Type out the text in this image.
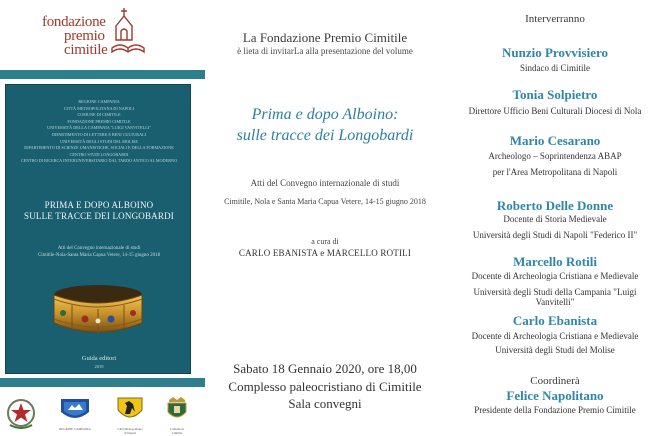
fondazione
premio
cimitile
REGIONE CAMPANIA
CITTÀ METROPOLITANA DI NAPOLI
COMUNE DI CIMITILE
FONDAZIONE PREMIO CIMITILE
UNIVERSITÀ DELLA CAMPANIA "LUIGI VANVITELLI"
DIPARTIMENTO DI LETTERE E BENI CULTURALI
UNIVERSITÀ DEGLI STUDI DEL MOLISE
DIPARTIMENTO DI SCIENZE UMANISTICHE, SOCIALI E DELLA FORMAZIONE
CENTRO STUDI LONGOBARDI
CENTRO DI RICERCA INTERUNIVERSITARIO DAL TARDO ANTICO AL MODERNO
PRIMA E DOPO ALBOINO
SULLE TRACCE DEI LONGOBARDI
Atti del Convegno internazionale di studi
Cimitile-Nola-Santa Maria Capua Vetere, 14-15 giugno 2018
Guida editori
2019
REGIONE CAMPANIA	Città Metropolitana di Napoli
Comune di Cimitile
La Fondazione Premio Cimitile
è lieta di invitarLa alla presentazione del volume
Prima e dopo Alboino:
sulle tracce dei Longobardi
Atti del Convegno internazionale di studi
Cimitile, Nola e Santa Maria Capua Vetere, 14-15 giugno 2018
a cura di
CARLO EBANISTA e MARCELLO ROTILI
Sabato 18 Gennaio 2020, ore 18,00
Complesso paleocristiano di Cimitile
Sala convegni
Interverranno
Nunzio Provvisiero
Sindaco di Cimitile
Tonia Solpietro
Direttore Ufficio Beni Culturali Diocesi di Nola
Mario Cesarano
Archeologo – Soprintendenza ABAP
per l'Area Metropolitana di Napoli
Roberto Delle Donne
Docente di Storia Medievale
Università degli Studi di Napoli "Federico II"
Marcello Rotili
Docente di Archeologia Cristiana e Medievale
Università degli Studi della Campania "Luigi Vanvitelli"
Carlo Ebanista
Docente di Archeologia Cristiana e Medievale
Università degli Studi del Molise
Coordinerà
Felice Napolitano
Presidente della Fondazione Premio Cimitile
